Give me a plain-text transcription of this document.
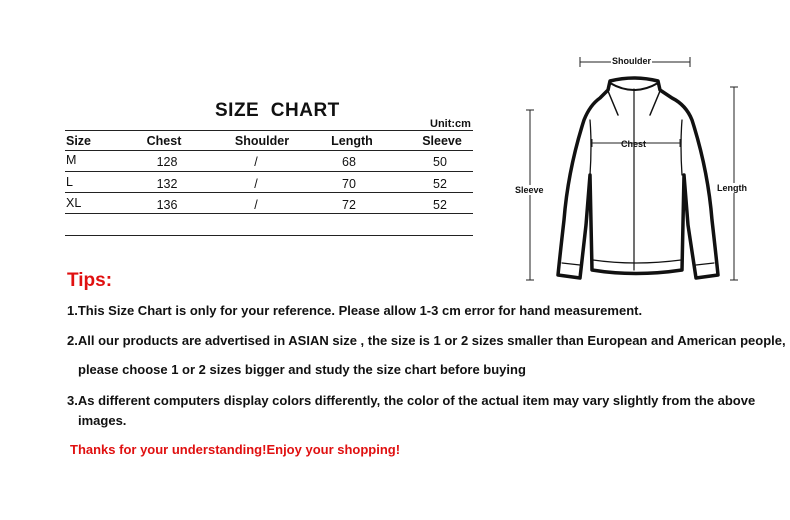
SIZE  CHART
Unit:cm
Size	Chest	Shoulder	Length	Sleeve
M	128	/	68	50
L	132	/	70	52
XL	136	/	72	52
Shoulder
Chest
Sleeve	Length
Tips:
1.This Size Chart is only for your reference. Please allow 1-3 cm error for hand measurement.
2.All our products are advertised in ASIAN size , the size is 1 or 2 sizes smaller than European and American people,
please choose 1 or 2 sizes bigger and study the size chart before buying
3.As different computers display colors differently, the color of the actual item may vary slightly from the above
images.
Thanks for your understanding!Enjoy your shopping!
